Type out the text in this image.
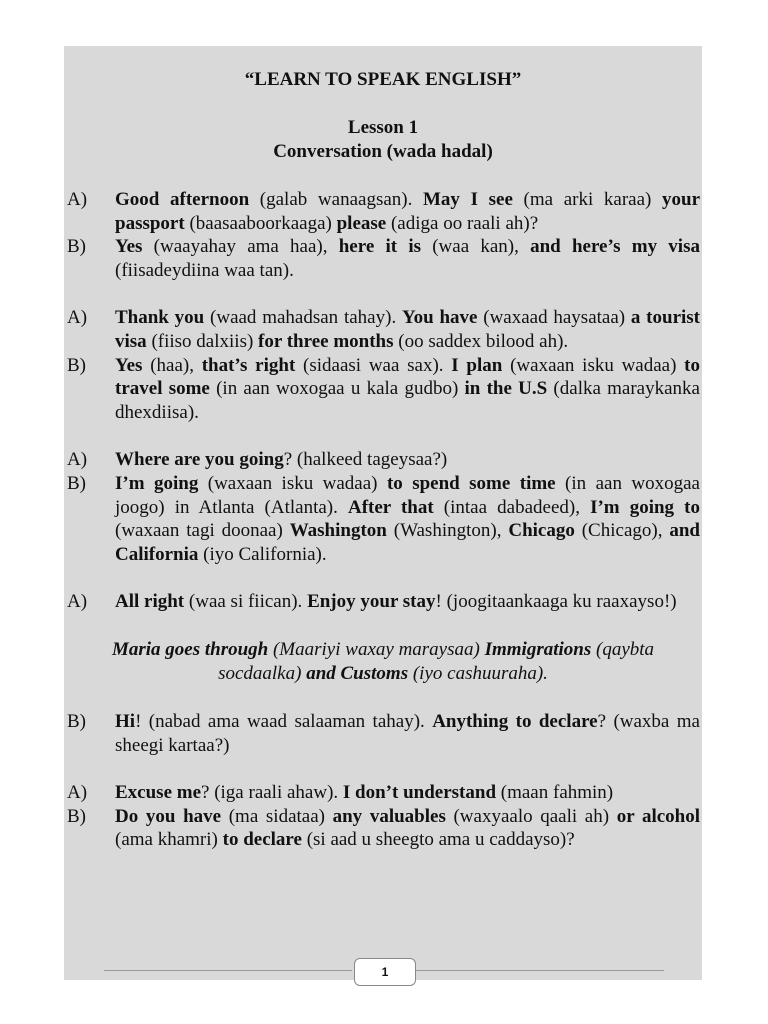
“LEARN TO SPEAK ENGLISH”
Lesson 1
Conversation (wada hadal)
A)	Good afternoon (galab wanaagsan). May I see (ma arki karaa) your passport (baasaaboorkaaga) please (adiga oo raali ah)?
B)	Yes (waayahay ama haa), here it is (waa kan), and here’s my visa (fiisadeydiina waa tan).
A)	Thank you (waad mahadsan tahay). You have (waxaad haysataa) a tourist visa (fiiso dalxiis) for three months (oo saddex bilood ah).
B)	Yes (haa), that’s right (sidaasi waa sax). I plan (waxaan isku wadaa) to travel some (in aan woxogaa u kala gudbo) in the U.S (dalka maraykanka dhexdiisa).
A)	Where are you going? (halkeed tageysaa?)
B)	I’m going (waxaan isku wadaa) to spend some time (in aan woxogaa joogo) in Atlanta (Atlanta). After that (intaa dabadeed), I’m going to (waxaan tagi doonaa) Washington (Washington), Chicago (Chicago), and California (iyo California).
A)	All right (waa si fiican). Enjoy your stay! (joogitaankaaga ku raaxayso!)
Maria goes through (Maariyi waxay maraysaa) Immigrations (qaybta socdaalka) and Customs (iyo cashuuraha).
B)	Hi! (nabad ama waad salaaman tahay). Anything to declare? (waxba ma sheegi kartaa?)
A)	Excuse me? (iga raali ahaw). I don’t understand (maan fahmin)
B)	Do you have (ma sidataa) any valuables (waxyaalo qaali ah) or alcohol (ama khamri) to declare (si aad u sheegto ama u caddayso)?
1
